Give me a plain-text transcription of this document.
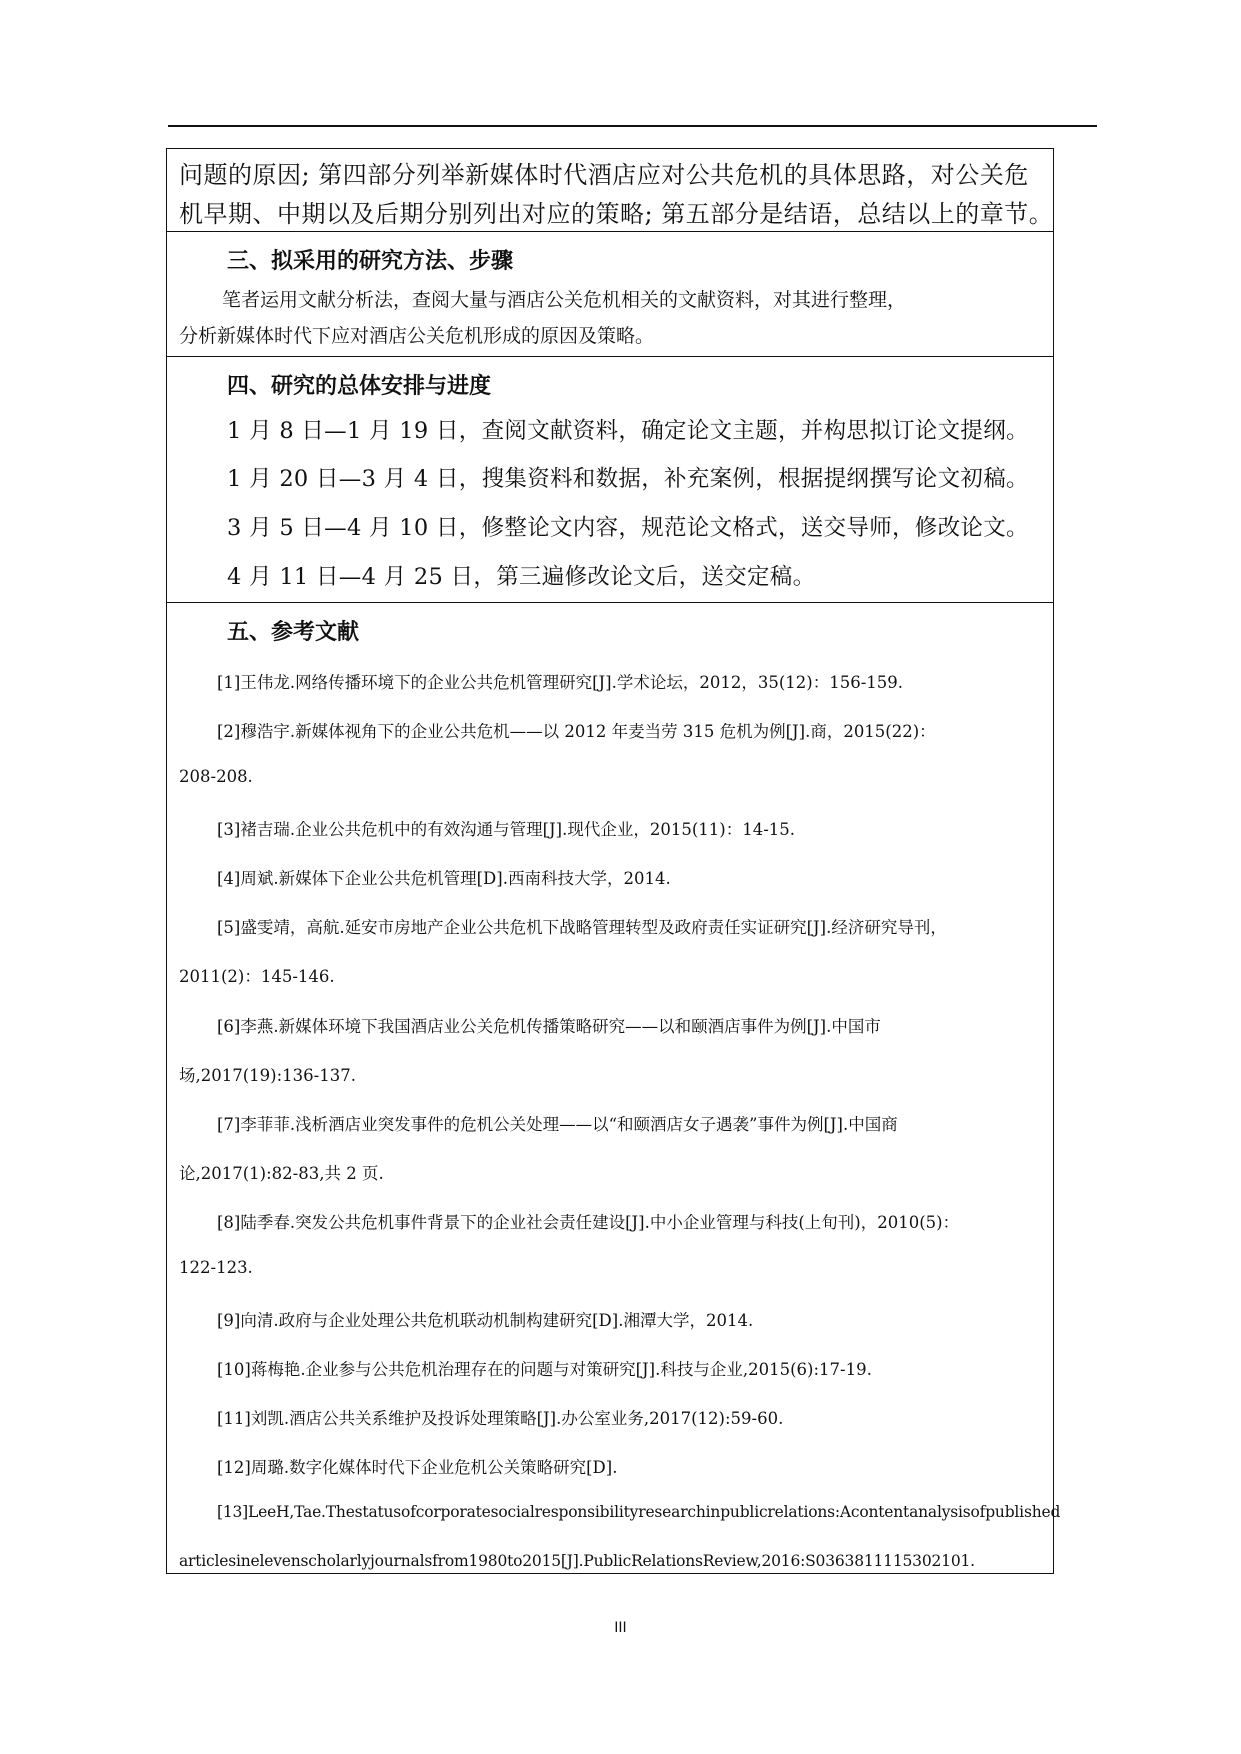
问题的原因; 第四部分列举新媒体时代酒店应对公共危机的具体思路，对公关危
机早期、中期以及后期分别列出对应的策略; 第五部分是结语，总结以上的章节。
三、拟采用的研究方法、步骤
笔者运用文献分析法，查阅大量与酒店公关危机相关的文献资料，对其进行整理，
分析新媒体时代下应对酒店公关危机形成的原因及策略。
四、研究的总体安排与进度
1 月 8 日—1 月 19 日，查阅文献资料，确定论文主题，并构思拟订论文提纲。
1 月 20 日—3 月 4 日，搜集资料和数据，补充案例，根据提纲撰写论文初稿。
3 月 5 日—4 月 10 日，修整论文内容，规范论文格式，送交导师，修改论文。
4 月 11 日—4 月 25 日，第三遍修改论文后，送交定稿。
五、参考文献
[1]王伟龙.网络传播环境下的企业公共危机管理研究[J].学术论坛，2012，35(12)：156-159.
[2]穆浩宇.新媒体视角下的企业公共危机——以 2012 年麦当劳 315 危机为例[J].商，2015(22)：
208-208.
[3]褚吉瑞.企业公共危机中的有效沟通与管理[J].现代企业，2015(11)：14-15.
[4]周斌.新媒体下企业公共危机管理[D].西南科技大学，2014.
[5]盛雯靖，高航.延安市房地产企业公共危机下战略管理转型及政府责任实证研究[J].经济研究导刊，
2011(2)：145-146.
[6]李燕.新媒体环境下我国酒店业公关危机传播策略研究——以和颐酒店事件为例[J].中国市
场,2017(19):136-137.
[7]李菲菲.浅析酒店业突发事件的危机公关处理——以“和颐酒店女子遇袭”事件为例[J].中国商
论,2017(1):82-83,共 2 页.
[8]陆季春.突发公共危机事件背景下的企业社会责任建设[J].中小企业管理与科技(上旬刊)，2010(5)：
122-123.
[9]向清.政府与企业处理公共危机联动机制构建研究[D].湘潭大学，2014.
[10]蒋梅艳.企业参与公共危机治理存在的问题与对策研究[J].科技与企业,2015(6):17-19.
[11]刘凯.酒店公共关系维护及投诉处理策略[J].办公室业务,2017(12):59-60.
[12]周璐.数字化媒体时代下企业危机公关策略研究[D].
[13]LeeH,Tae.Thestatusofcorporatesocialresponsibilityresearchinpublicrelations:Acontentanalysisofpublished
articlesinelevenscholarlyjournalsfrom1980to2015[J].PublicRelationsReview,2016:S0363811115302101.
III
